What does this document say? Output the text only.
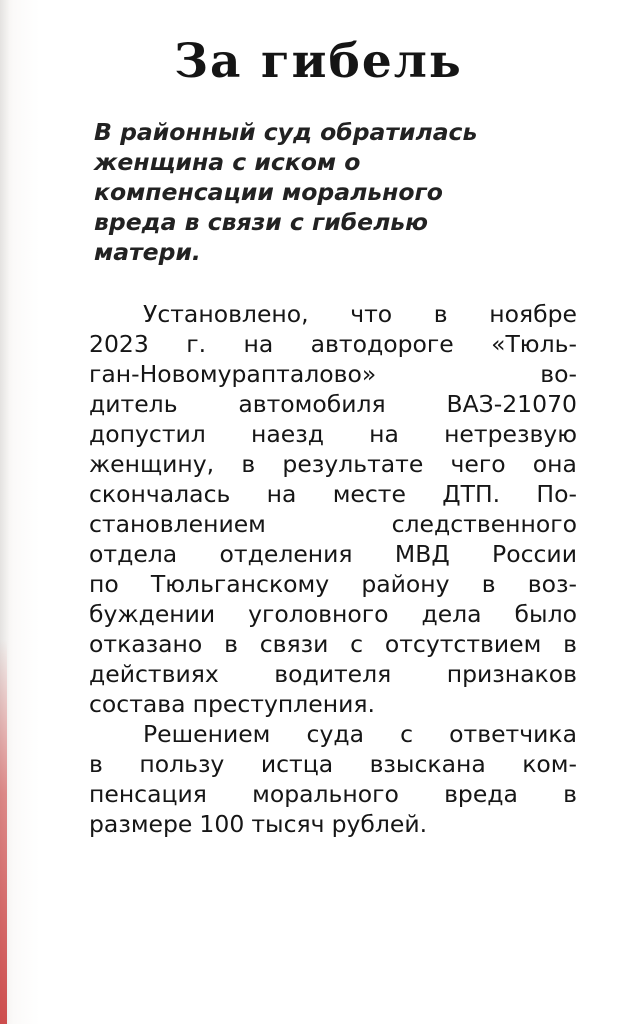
За гибель
В районный суд обратилась
женщина с иском о
компенсации морального
вреда в связи с гибелью
матери.
Установлено, что в ноябре
2023 г. на автодороге «Тюль-
ган-Новомурапталово»	во-
дитель	автомобиля	ВАЗ-21070
допустил наезд на нетрезвую
женщину, в результате чего она
скончалась на месте ДТП. По-
становлением	следственного
отдела отделения МВД России
по Тюльганскому району в воз-
буждении уголовного дела было
отказано в связи с отсутствием в
действиях водителя признаков
состава преступления.
Решением суда с ответчика
в пользу истца взыскана ком-
пенсация морального вреда в
размере 100 тысяч рублей.
